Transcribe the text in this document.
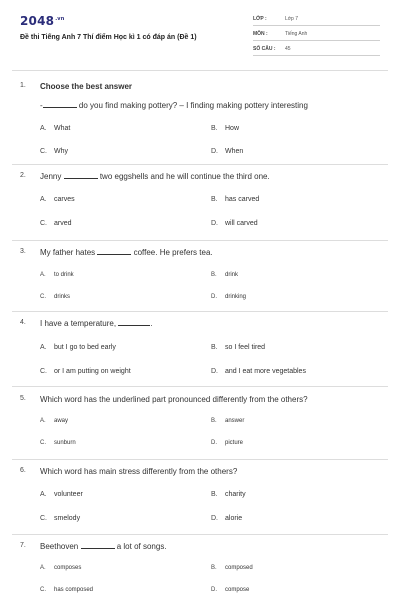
$2048^{.vn}$
Đề thi Tiếng Anh 7 Thí điểm Học kì 1 có đáp án (Đề 1)
LỚP :	Lớp 7
MÔN :	Tiếng Anh
SỐ CÂU : 45
1. Choose the best answer
-	do you find making pottery? – I finding making pottery interesting
A. What	B. How
C. Why	D. When
2. Jenny	two eggshells and he will continue the third one.
A. carves	B. has carved
C. arved	D. will carved
3. My father hates	coffee. He prefers tea.
A. to drink	B. drink
C. drinks	D. drinking
4. I have a temperature,	.
A. but I go to bed early	B. so I feel tired
C. or I am putting on weight	D. and I eat more vegetables
5. Which word has the underlined part pronounced differently from the others?
A. away	B. answer
C. sunburn	D. picture
6. Which word has main stress differently from the others?
A. volunteer	B. charity
C. smelody	D. alorie
7. Beethoven	a lot of songs.
A. composes	B. composed
C. has composed	D. compose
